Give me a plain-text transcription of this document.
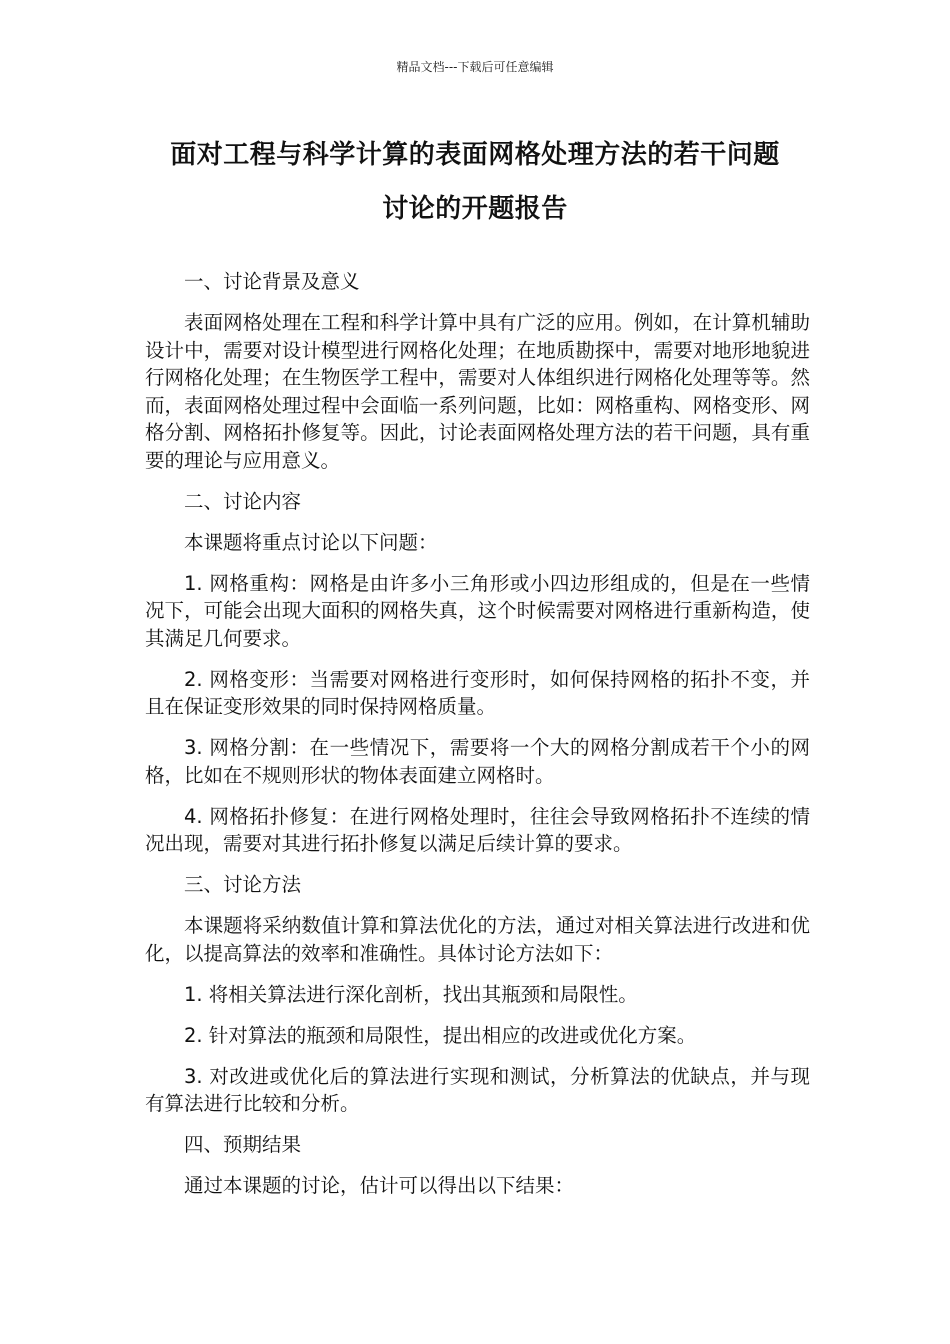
精品文档---下载后可任意编辑
面对工程与科学计算的表面网格处理方法的若干问题
讨论的开题报告
一、讨论背景及意义

表面网格处理在工程和科学计算中具有广泛的应用。例如，在计算机辅助设计中，需要对设计模型进行网格化处理；在地质勘探中，需要对地形地貌进行网格化处理；在生物医学工程中，需要对人体组织进行网格化处理等等。然而，表面网格处理过程中会面临一系列问题，比如：网格重构、网格变形、网格分割、网格拓扑修复等。因此，讨论表面网格处理方法的若干问题，具有重要的理论与应用意义。

二、讨论内容

本课题将重点讨论以下问题：

1. 网格重构：网格是由许多小三角形或小四边形组成的，但是在一些情况下，可能会出现大面积的网格失真，这个时候需要对网格进行重新构造，使其满足几何要求。

2. 网格变形：当需要对网格进行变形时，如何保持网格的拓扑不变，并且在保证变形效果的同时保持网格质量。

3. 网格分割：在一些情况下，需要将一个大的网格分割成若干个小的网格，比如在不规则形状的物体表面建立网格时。

4. 网格拓扑修复：在进行网格处理时，往往会导致网格拓扑不连续的情况出现，需要对其进行拓扑修复以满足后续计算的要求。

三、讨论方法

本课题将采纳数值计算和算法优化的方法，通过对相关算法进行改进和优化，以提高算法的效率和准确性。具体讨论方法如下：

1. 将相关算法进行深化剖析，找出其瓶颈和局限性。

2. 针对算法的瓶颈和局限性，提出相应的改进或优化方案。

3. 对改进或优化后的算法进行实现和测试，分析算法的优缺点，并与现有算法进行比较和分析。

四、预期结果

通过本课题的讨论，估计可以得出以下结果：
